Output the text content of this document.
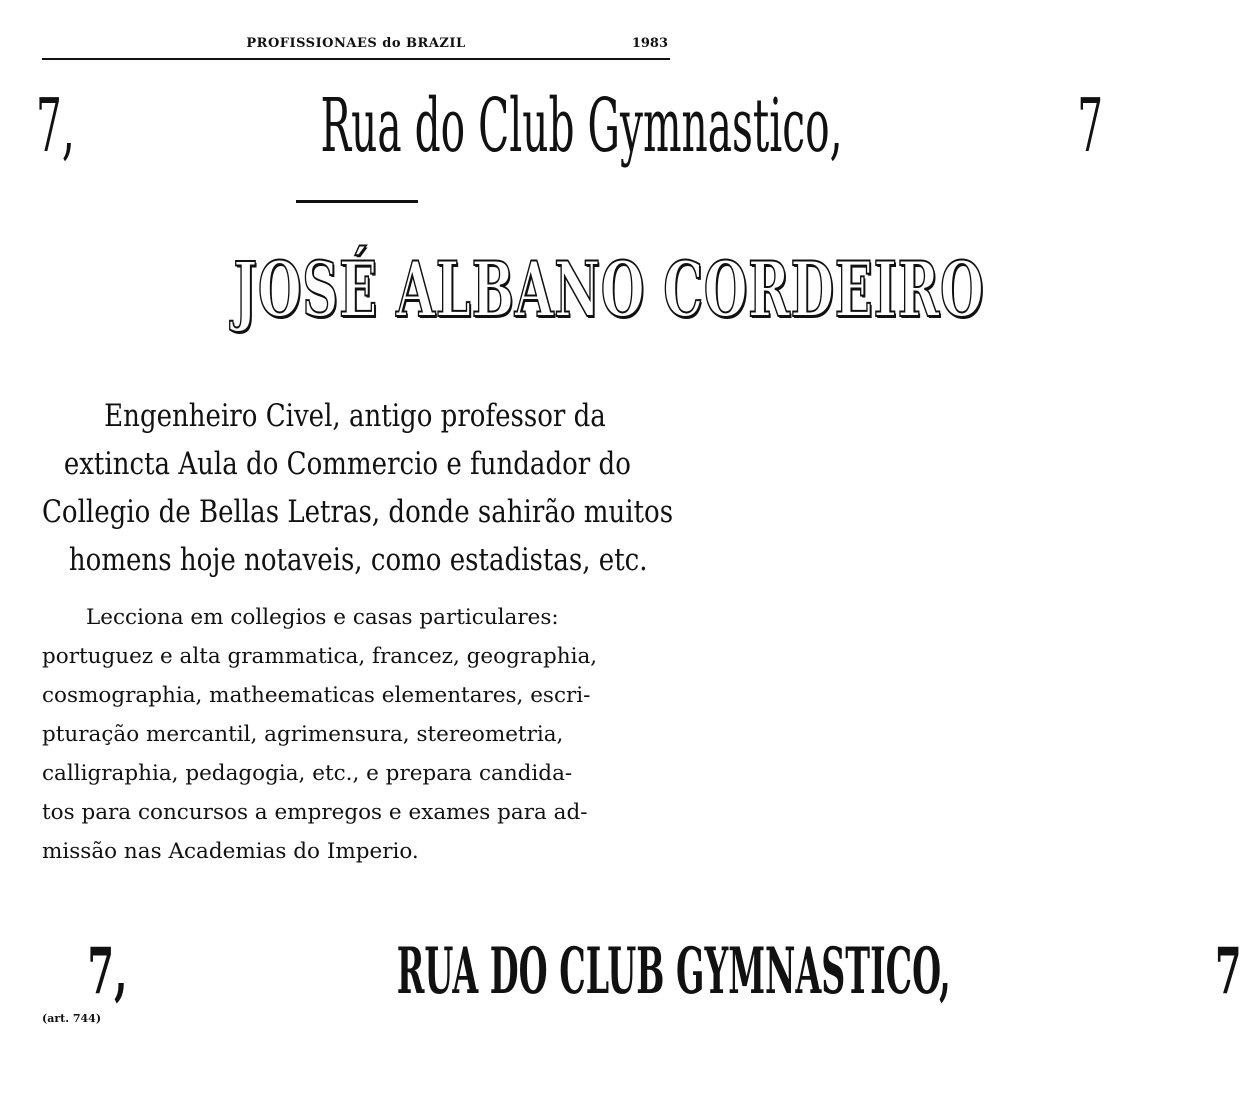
PROFISSIONAES do BRAZIL	1983
7,	Rua do Club Gymnastico,	7
JOSÉ ALBANO CORDEIRO
Engenheiro Civel, antigo professor da
extincta Aula do Commercio e fundador do
Collegio de Bellas Letras, donde sahirão muitos
homens hoje notaveis, como estadistas, etc.
Lecciona em collegios e casas particulares:
portuguez e alta grammatica, francez, geographia,
cosmographia, matheematicas elementares, escri-
pturação mercantil, agrimensura, stereometria,
calligraphia, pedagogia, etc., e prepara candida-
tos para concursos a empregos e exames para ad-
missão nas Academias do Imperio.
7,	RUA DO CLUB GYMNASTICO,	7
(art. 744)
